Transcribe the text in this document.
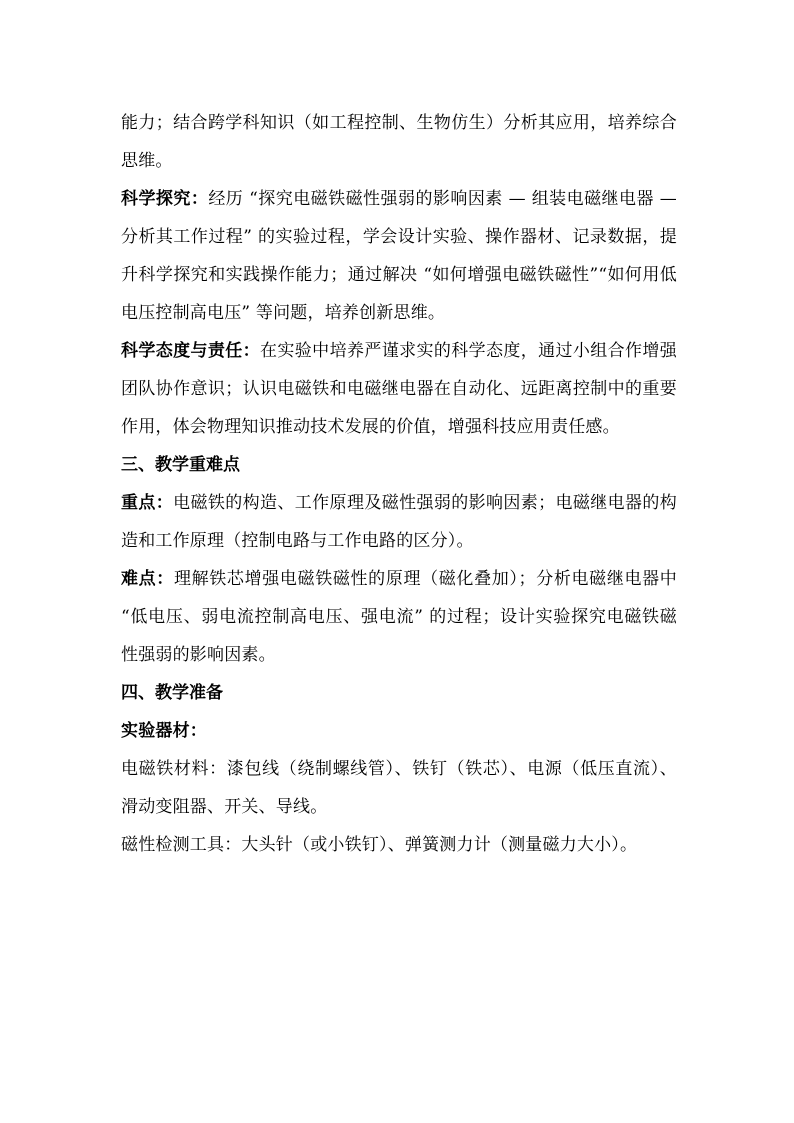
能力；结合跨学科知识（如工程控制、生物仿生）分析其应用，培养综合思维。

科学探究：经历 “探究电磁铁磁性强弱的影响因素 — 组装电磁继电器 — 分析其工作过程” 的实验过程，学会设计实验、操作器材、记录数据，提升科学探究和实践操作能力；通过解决 “如何增强电磁铁磁性”“如何用低电压控制高电压” 等问题，培养创新思维。

科学态度与责任：在实验中培养严谨求实的科学态度，通过小组合作增强团队协作意识；认识电磁铁和电磁继电器在自动化、远距离控制中的重要作用，体会物理知识推动技术发展的价值，增强科技应用责任感。

三、教学重难点

重点：电磁铁的构造、工作原理及磁性强弱的影响因素；电磁继电器的构造和工作原理（控制电路与工作电路的区分）。

难点：理解铁芯增强电磁铁磁性的原理（磁化叠加）；分析电磁继电器中 “低电压、弱电流控制高电压、强电流” 的过程；设计实验探究电磁铁磁性强弱的影响因素。

四、教学准备

实验器材：

电磁铁材料：漆包线（绕制螺线管）、铁钉（铁芯）、电源（低压直流）、滑动变阻器、开关、导线。

磁性检测工具：大头针（或小铁钉）、弹簧测力计（测量磁力大小）。
